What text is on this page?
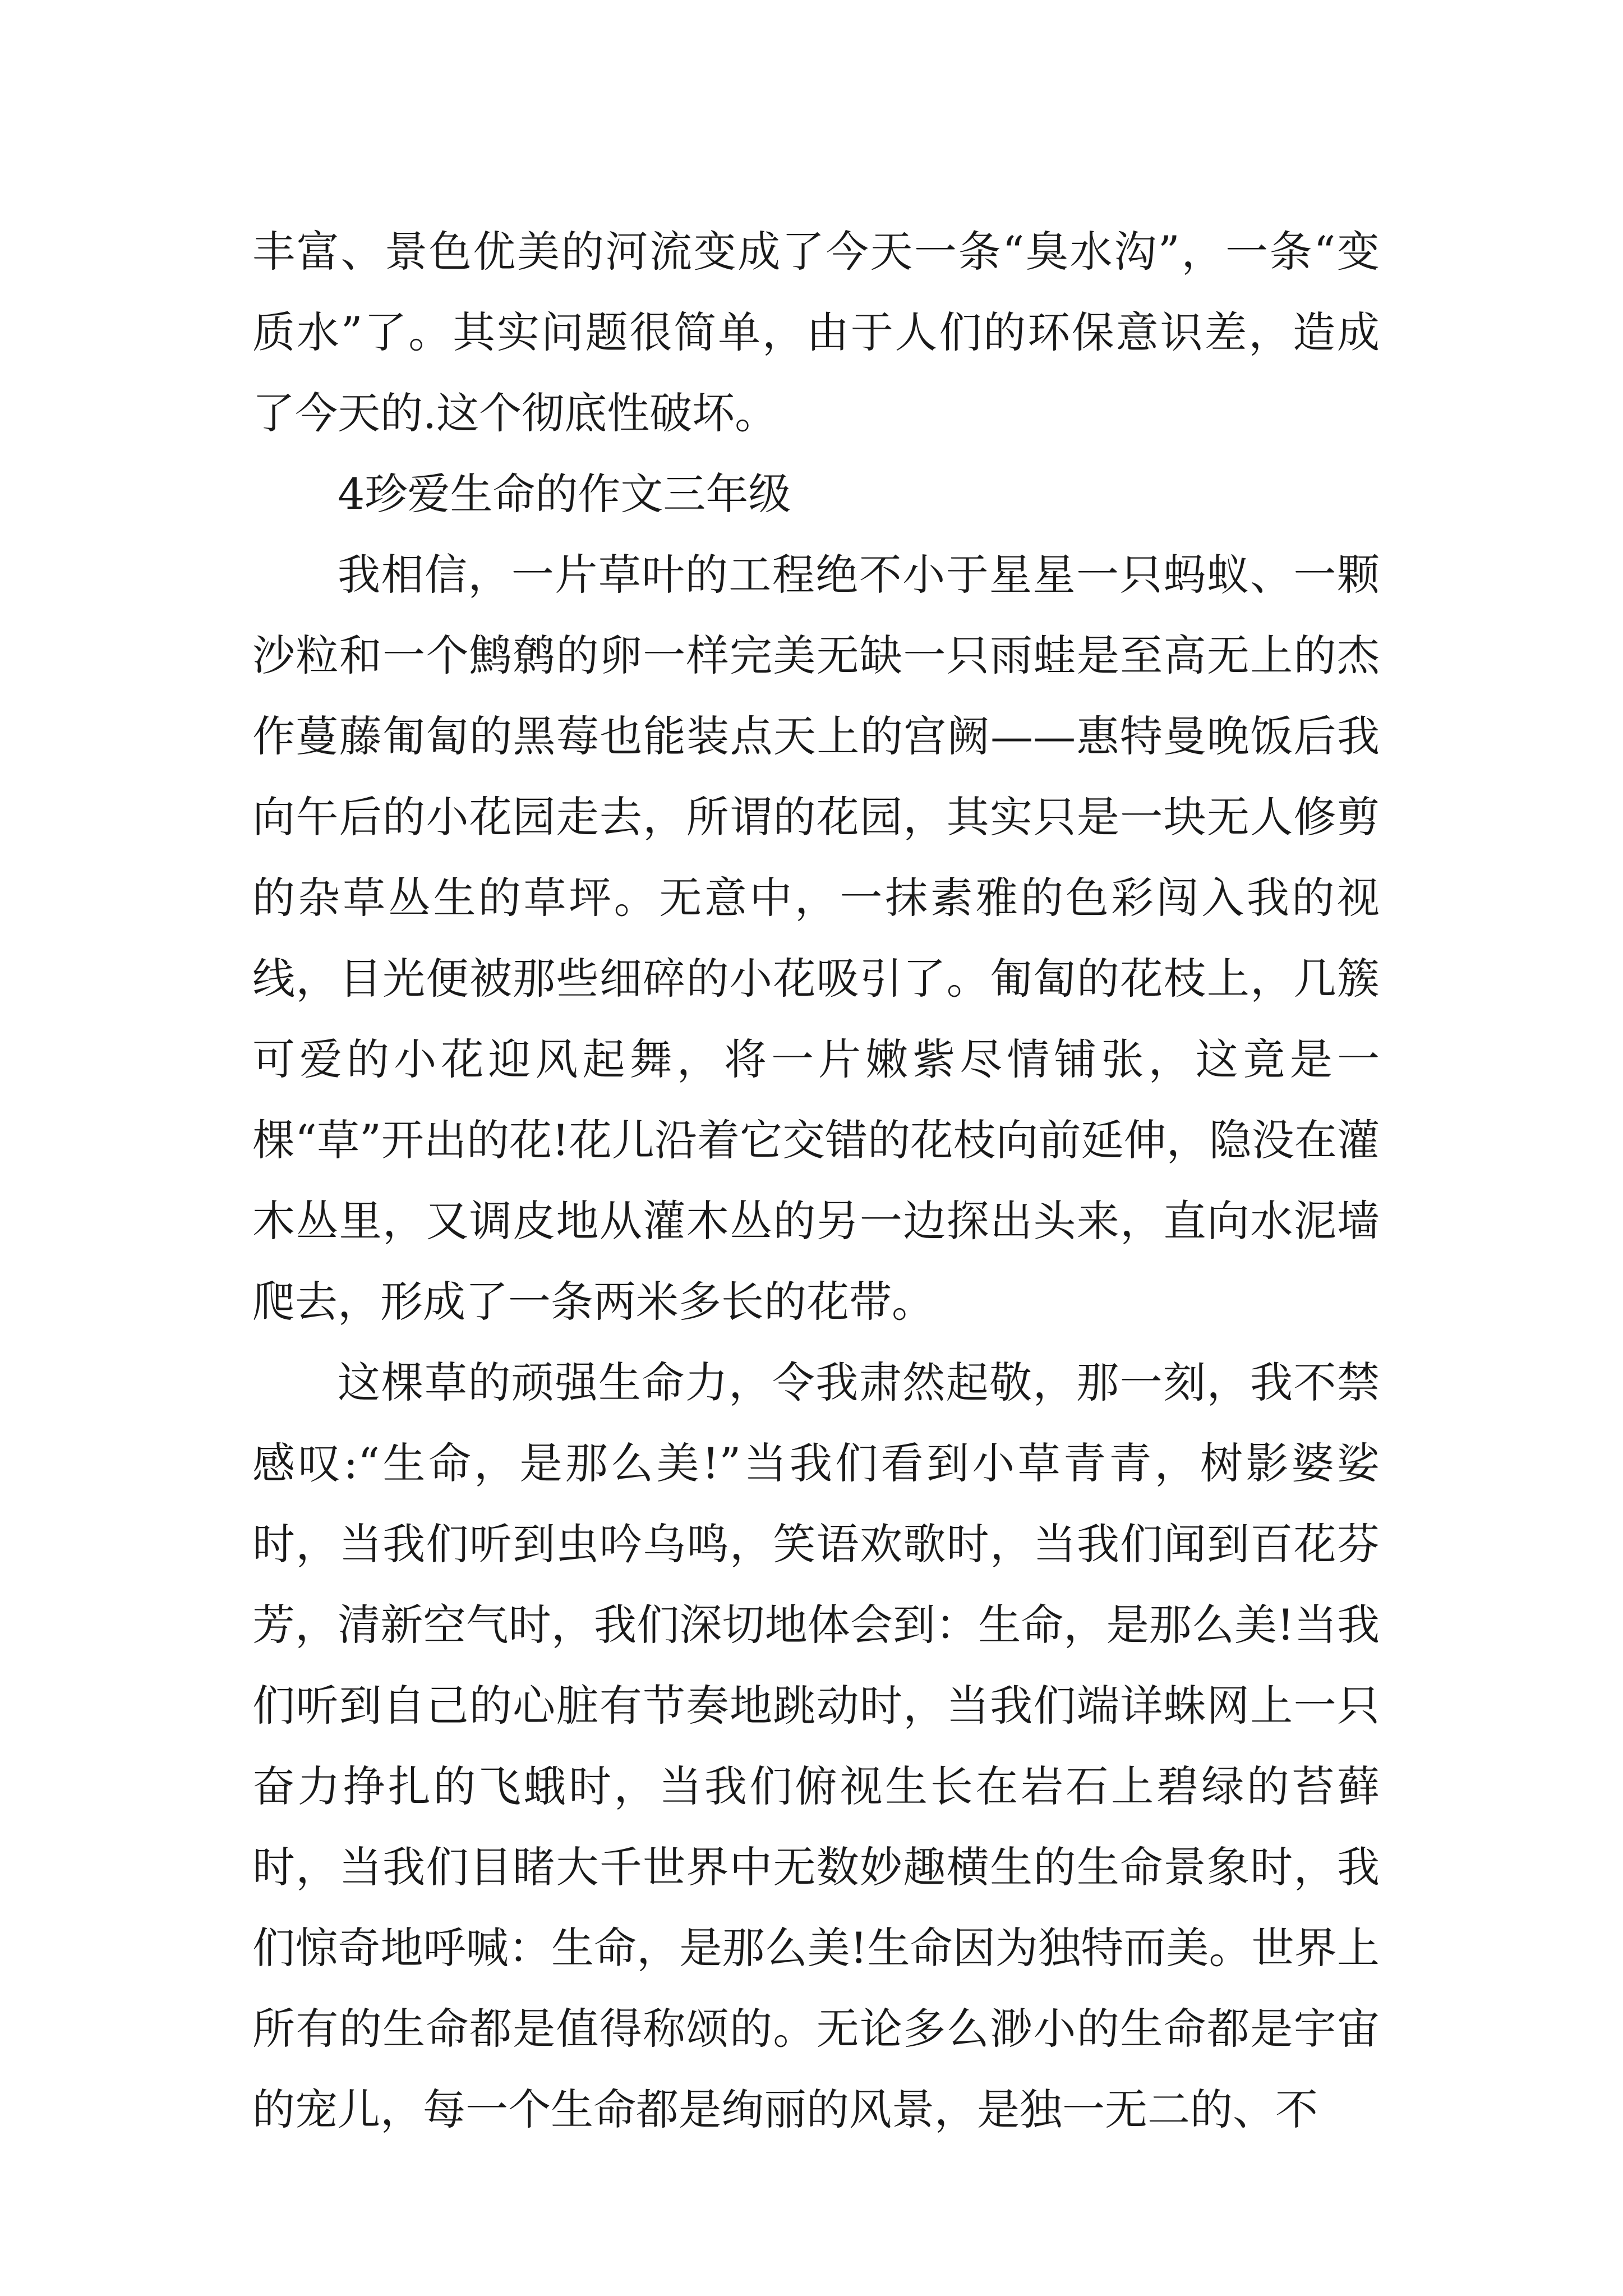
丰富、景色优美的河流变成了今天一条“臭水沟”，一条“变质水”了。其实问题很简单，由于人们的环保意识差，造成了今天的.这个彻底性破坏。

4珍爱生命的作文三年级

我相信，一片草叶的工程绝不小于星星一只蚂蚁、一颗沙粒和一个鹪鹩的卵一样完美无缺一只雨蛙是至高无上的杰作蔓藤匍匐的黑莓也能装点天上的宫阙——惠特曼晚饭后我向午后的小花园走去，所谓的花园，其实只是一块无人修剪的杂草丛生的草坪。无意中，一抹素雅的色彩闯入我的视线，目光便被那些细碎的小花吸引了。匍匐的花枝上，几簇可爱的小花迎风起舞，将一片嫩紫尽情铺张，这竟是一棵“草”开出的花!花儿沿着它交错的花枝向前延伸，隐没在灌木丛里，又调皮地从灌木丛的另一边探出头来，直向水泥墙爬去，形成了一条两米多长的花带。

这棵草的顽强生命力，令我肃然起敬，那一刻，我不禁感叹:“生命，是那么美!”当我们看到小草青青，树影婆娑时，当我们听到虫吟乌鸣，笑语欢歌时，当我们闻到百花芬芳，清新空气时，我们深切地体会到：生命，是那么美!当我们听到自己的心脏有节奏地跳动时，当我们端详蛛网上一只奋力挣扎的飞蛾时，当我们俯视生长在岩石上碧绿的苔藓时，当我们目睹大千世界中无数妙趣横生的生命景象时，我们惊奇地呼喊：生命，是那么美!生命因为独特而美。世界上所有的生命都是值得称颂的。无论多么渺小的生命都是宇宙的宠儿，每一个生命都是绚丽的风景，是独一无二的、不
